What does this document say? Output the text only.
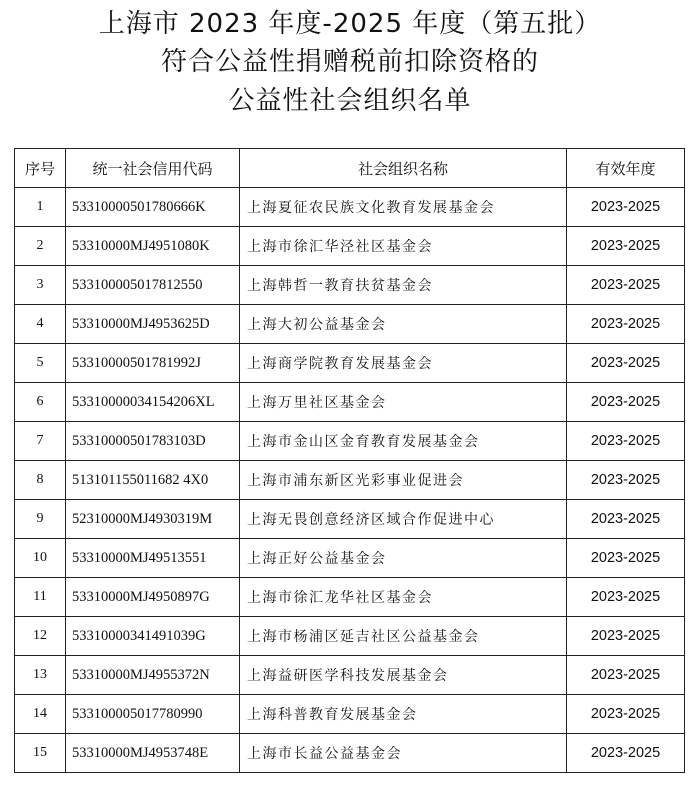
上海市 2023 年度-2025 年度（第五批）
符合公益性捐赠税前扣除资格的
公益性社会组织名单
序号	统一社会信用代码	社会组织名称	有效年度
1	53310000501780666K	上海夏征农民族文化教育发展基金会	2023-2025
2	53310000MJ4951080K	上海市徐汇华泾社区基金会	2023-2025
3	533100005017812550	上海韩哲一教育扶贫基金会	2023-2025
4	53310000MJ4953625D	上海大初公益基金会	2023-2025
5	53310000501781992J	上海商学院教育发展基金会	2023-2025
6	53310000034154206XL	上海万里社区基金会	2023-2025
7	53310000501783103D	上海市金山区金育教育发展基金会	2023-2025
8	513101155011682 4X0	上海市浦东新区光彩事业促进会	2023-2025
9	52310000MJ4930319M	上海无畏创意经济区域合作促进中心	2023-2025
10	53310000MJ49513551	上海正好公益基金会	2023-2025
11	53310000MJ4950897G	上海市徐汇龙华社区基金会	2023-2025
12	53310000341491039G	上海市杨浦区延吉社区公益基金会	2023-2025
13	53310000MJ4955372N	上海益研医学科技发展基金会	2023-2025
14	533100005017780990	上海科普教育发展基金会	2023-2025
15	53310000MJ4953748E	上海市长益公益基金会	2023-2025
